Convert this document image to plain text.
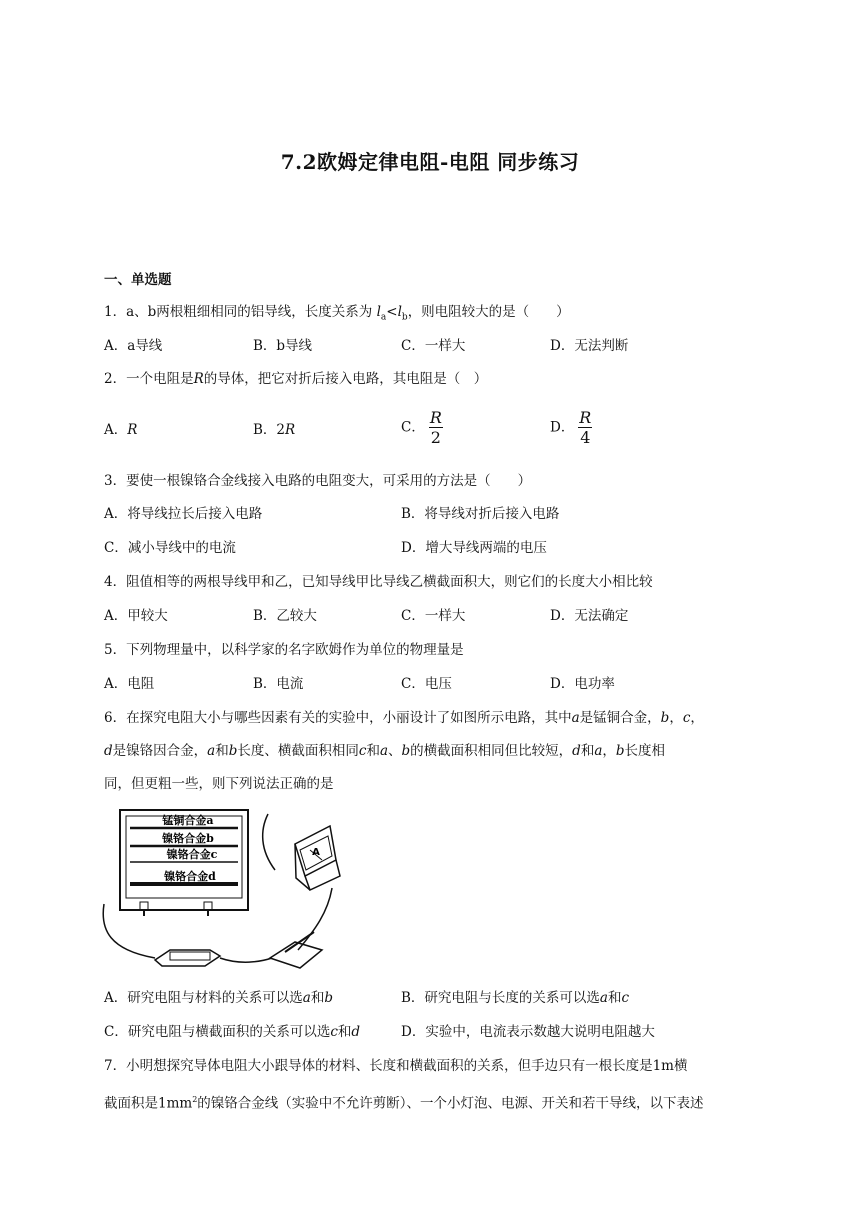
7.2欧姆定律电阻-电阻 同步练习
一、单选题
1．a、b两根粗细相同的铝导线，长度关系为 $l_a<l_b$，则电阻较大的是（　　）
A．a导线	B．b导线	C．一样大	D．无法判断
2．一个电阻是R的导体，把它对折后接入电路，其电阻是（　）
A．R	B．2R	C． $\frac{R}{2}$	D． $\frac{R}{4}$
3．要使一根镍铬合金线接入电路的电阻变大，可采用的方法是（　　）
A．将导线拉长后接入电路	B．将导线对折后接入电路
C．减小导线中的电流	D．增大导线两端的电压
4．阻值相等的两根导线甲和乙，已知导线甲比导线乙横截面积大，则它们的长度大小相比较
A．甲较大	B．乙较大	C．一样大	D．无法确定
5．下列物理量中，以科学家的名字欧姆作为单位的物理量是
A．电阻	B．电流	C．电压	D．电功率
6．在探究电阻大小与哪些因素有关的实验中，小丽设计了如图所示电路，其中a是锰铜合金，b，c，
d是镍铬因合金，a和b长度、横截面积相同c和a、b的横截面积相同但比较短，d和a，b长度相
同，但更粗一些，则下列说法正确的是
锰铜合金a
镍铬合金b
镍铬合金c
镍铬合金d
A
A．研究电阻与材料的关系可以选a和b	B．研究电阻与长度的关系可以选a和c
C．研究电阻与横截面积的关系可以选c和d	D．实验中，电流表示数越大说明电阻越大
7．小明想探究导体电阻大小跟导体的材料、长度和横截面积的关系，但手边只有一根长度是1m横
截面积是$1mm^2$的镍铬合金线（实验中不允许剪断）、一个小灯泡、电源、开关和若干导线，以下表述
